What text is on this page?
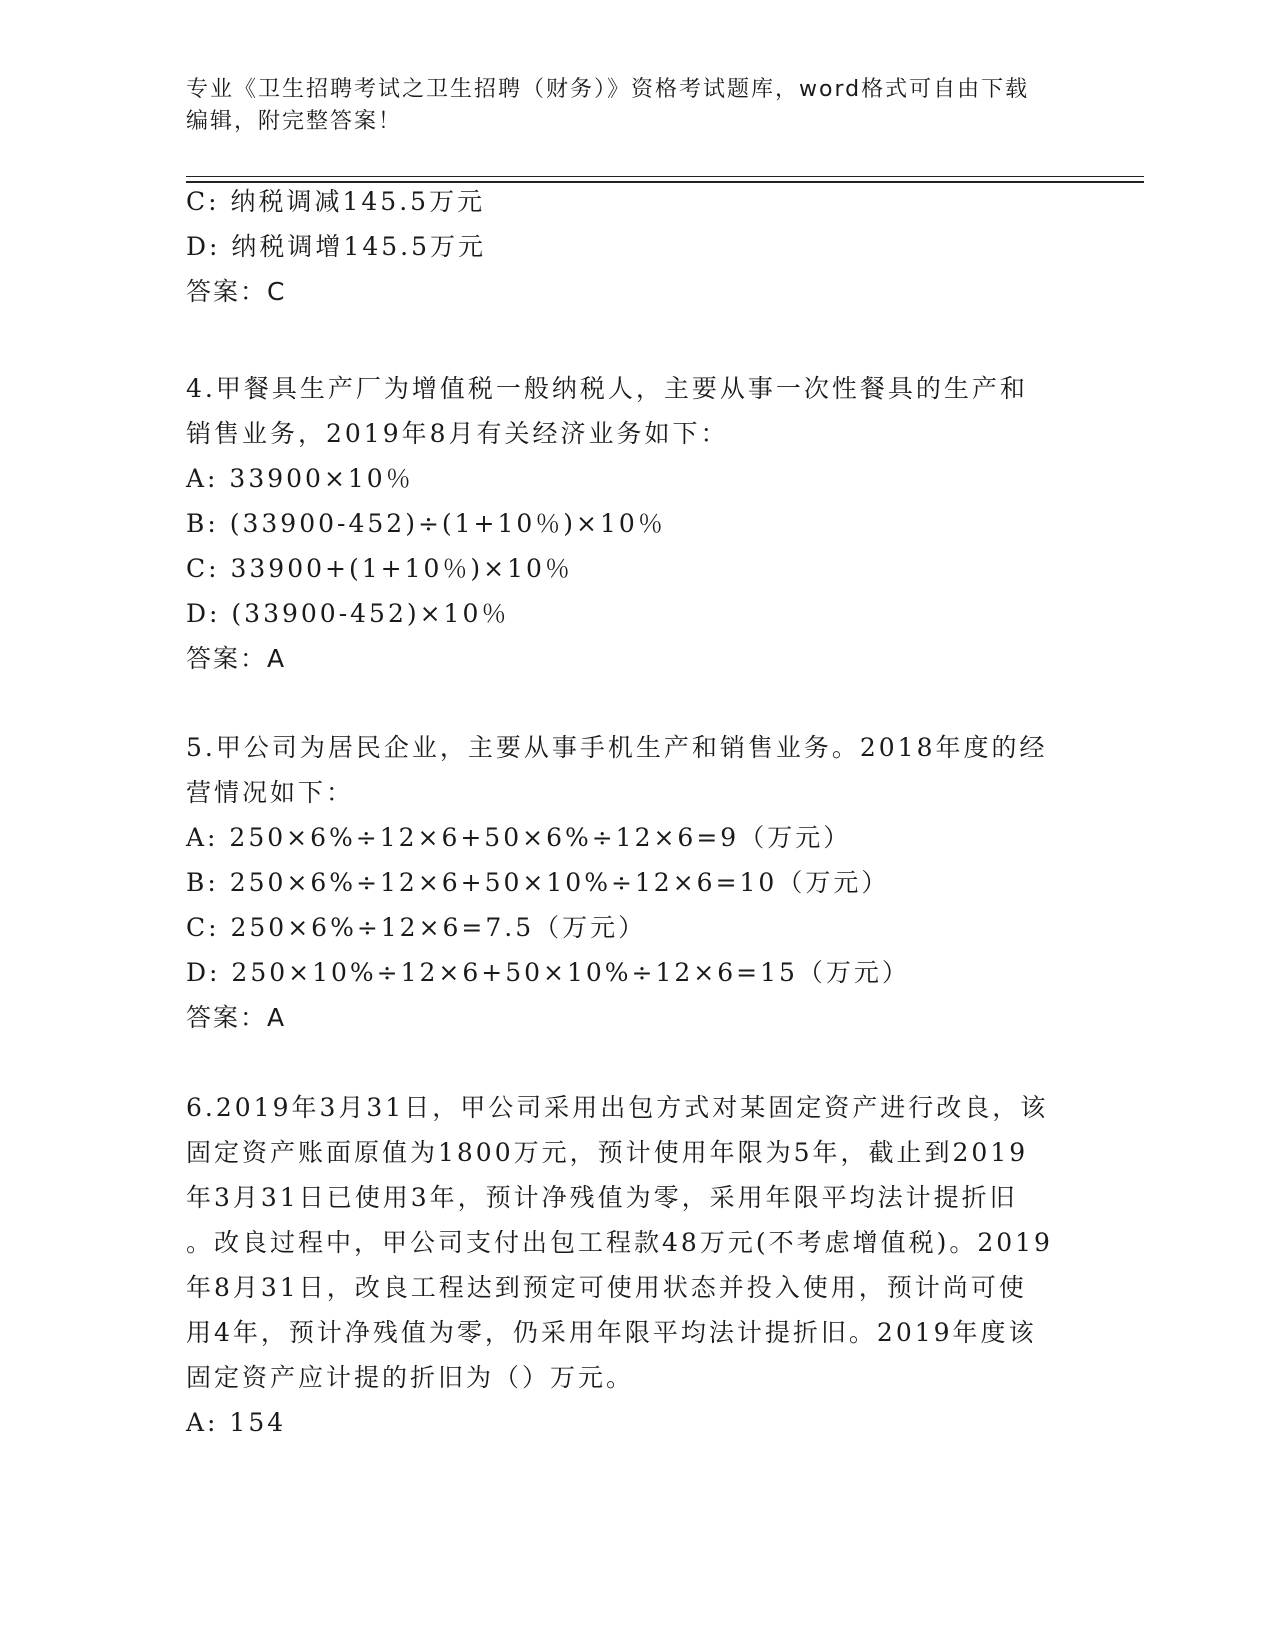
专业《卫生招聘考试之卫生招聘（财务）》资格考试题库，word格式可自由下载
编辑，附完整答案！
C: 纳税调减145.5万元
D: 纳税调增145.5万元
答案：C
4.甲餐具生产厂为增值税一般纳税人，主要从事一次性餐具的生产和
销售业务，2019年8月有关经济业务如下：
A: 33900×10％
B: (33900-452)÷(1+10％)×10％
C: 33900+(1+10％)×10％
D: (33900-452)×10％
答案：A
5.甲公司为居民企业，主要从事手机生产和销售业务。2018年度的经
营情况如下：
A: 250×6%÷12×6+50×6%÷12×6=9（万元）
B: 250×6%÷12×6+50×10%÷12×6=10（万元）
C: 250×6%÷12×6=7.5（万元）
D: 250×10%÷12×6+50×10%÷12×6=15（万元）
答案：A
6.2019年3月31日，甲公司采用出包方式对某固定资产进行改良，该
固定资产账面原值为1800万元，预计使用年限为5年，截止到2019
年3月31日已使用3年，预计净残值为零，采用年限平均法计提折旧
。改良过程中，甲公司支付出包工程款48万元(不考虑增值税)。2019
年8月31日，改良工程达到预定可使用状态并投入使用，预计尚可使
用4年，预计净残值为零，仍采用年限平均法计提折旧。2019年度该
固定资产应计提的折旧为（）万元。
A: 154
